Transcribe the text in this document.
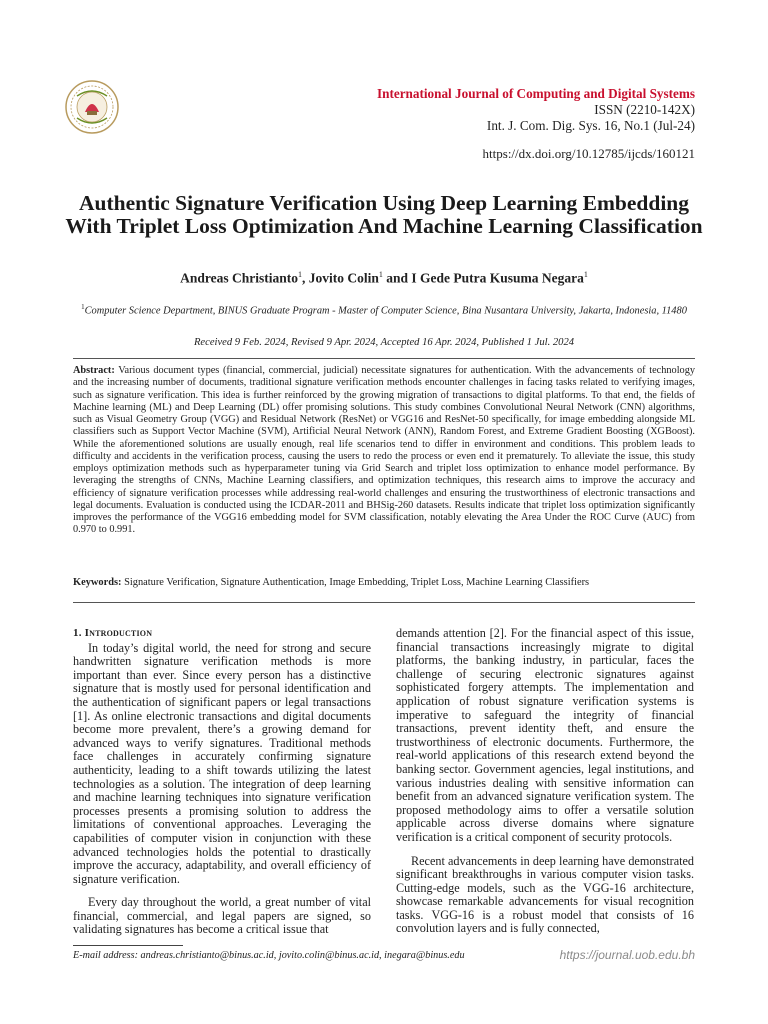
International Journal of Computing and Digital Systems
ISSN (2210-142X)
Int. J. Com. Dig. Sys. 16, No.1 (Jul-24)
https://dx.doi.org/10.12785/ijcds/160121
Authentic Signature Verification Using Deep Learning Embedding With Triplet Loss Optimization And Machine Learning Classification
Andreas Christianto$^1$, Jovito Colin$^1$ and I Gede Putra Kusuma Negara$^1$
$^1$Computer Science Department, BINUS Graduate Program - Master of Computer Science, Bina Nusantara University, Jakarta, Indonesia, 11480
Received 9 Feb. 2024, Revised 9 Apr. 2024, Accepted 16 Apr. 2024, Published 1 Jul. 2024
Abstract: Various document types (financial, commercial, judicial) necessitate signatures for authentication. With the advancements of technology and the increasing number of documents, traditional signature verification methods encounter challenges in facing tasks related to verifying images, such as signature verification. This idea is further reinforced by the growing migration of transactions to digital platforms. To that end, the fields of Machine learning (ML) and Deep Learning (DL) offer promising solutions. This study combines Convolutional Neural Network (CNN) algorithms, such as Visual Geometry Group (VGG) and Residual Network (ResNet) or VGG16 and ResNet-50 specifically, for image embedding alongside ML classifiers such as Support Vector Machine (SVM), Artificial Neural Network (ANN), Random Forest, and Extreme Gradient Boosting (XGBoost). While the aforementioned solutions are usually enough, real life scenarios tend to differ in environment and conditions. This problem leads to difficulty and accidents in the verification process, causing the users to redo the process or even end it prematurely. To alleviate the issue, this study employs optimization methods such as hyperparameter tuning via Grid Search and triplet loss optimization to enhance model performance. By leveraging the strengths of CNNs, Machine Learning classifiers, and optimization techniques, this research aims to improve the accuracy and efficiency of signature verification processes while addressing real-world challenges and ensuring the trustworthiness of electronic transactions and legal documents. Evaluation is conducted using the ICDAR-2011 and BHSig-260 datasets. Results indicate that triplet loss optimization significantly improves the performance of the VGG16 embedding model for SVM classification, notably elevating the Area Under the ROC Curve (AUC) from 0.970 to 0.991.
Keywords: Signature Verification, Signature Authentication, Image Embedding, Triplet Loss, Machine Learning Classifiers
1. Introduction

In today’s digital world, the need for strong and secure handwritten signature verification methods is more important than ever. Since every person has a distinctive signature that is mostly used for personal identification and the authentication of significant papers or legal transactions [1]. As online electronic transactions and digital documents become more prevalent, there’s a growing demand for advanced ways to verify signatures. Traditional methods face challenges in accurately confirming signature authenticity, leading to a shift towards utilizing the latest technologies as a solution. The integration of deep learning and machine learning techniques into signature verification processes presents a promising solution to address the limitations of conventional approaches. Leveraging the capabilities of computer vision in conjunction with these advanced technologies holds the potential to drastically improve the accuracy, adaptability, and overall efficiency of signature verification.

Every day throughout the world, a great number of vital financial, commercial, and legal papers are signed, so validating signatures has become a critical issue that

demands attention [2]. For the financial aspect of this issue, financial transactions increasingly migrate to digital platforms, the banking industry, in particular, faces the challenge of securing electronic signatures against sophisticated forgery attempts. The implementation and application of robust signature verification systems is imperative to safeguard the integrity of financial transactions, prevent identity theft, and ensure the trustworthiness of electronic documents. Furthermore, the real-world applications of this research extend beyond the banking sector. Government agencies, legal institutions, and various industries dealing with sensitive information can benefit from an advanced signature verification system. The proposed methodology aims to offer a versatile solution applicable across diverse domains where signature verification is a critical component of security protocols.

Recent advancements in deep learning have demonstrated significant breakthroughs in various computer vision tasks. Cutting-edge models, such as the VGG-16 architecture, showcase remarkable advancements for visual recognition tasks. VGG-16 is a robust model that consists of 16 convolution layers and is fully connected,

E-mail address: andreas.christianto@binus.ac.id, jovito.colin@binus.ac.id, inegara@binus.edu	https://journal.uob.edu.bh
